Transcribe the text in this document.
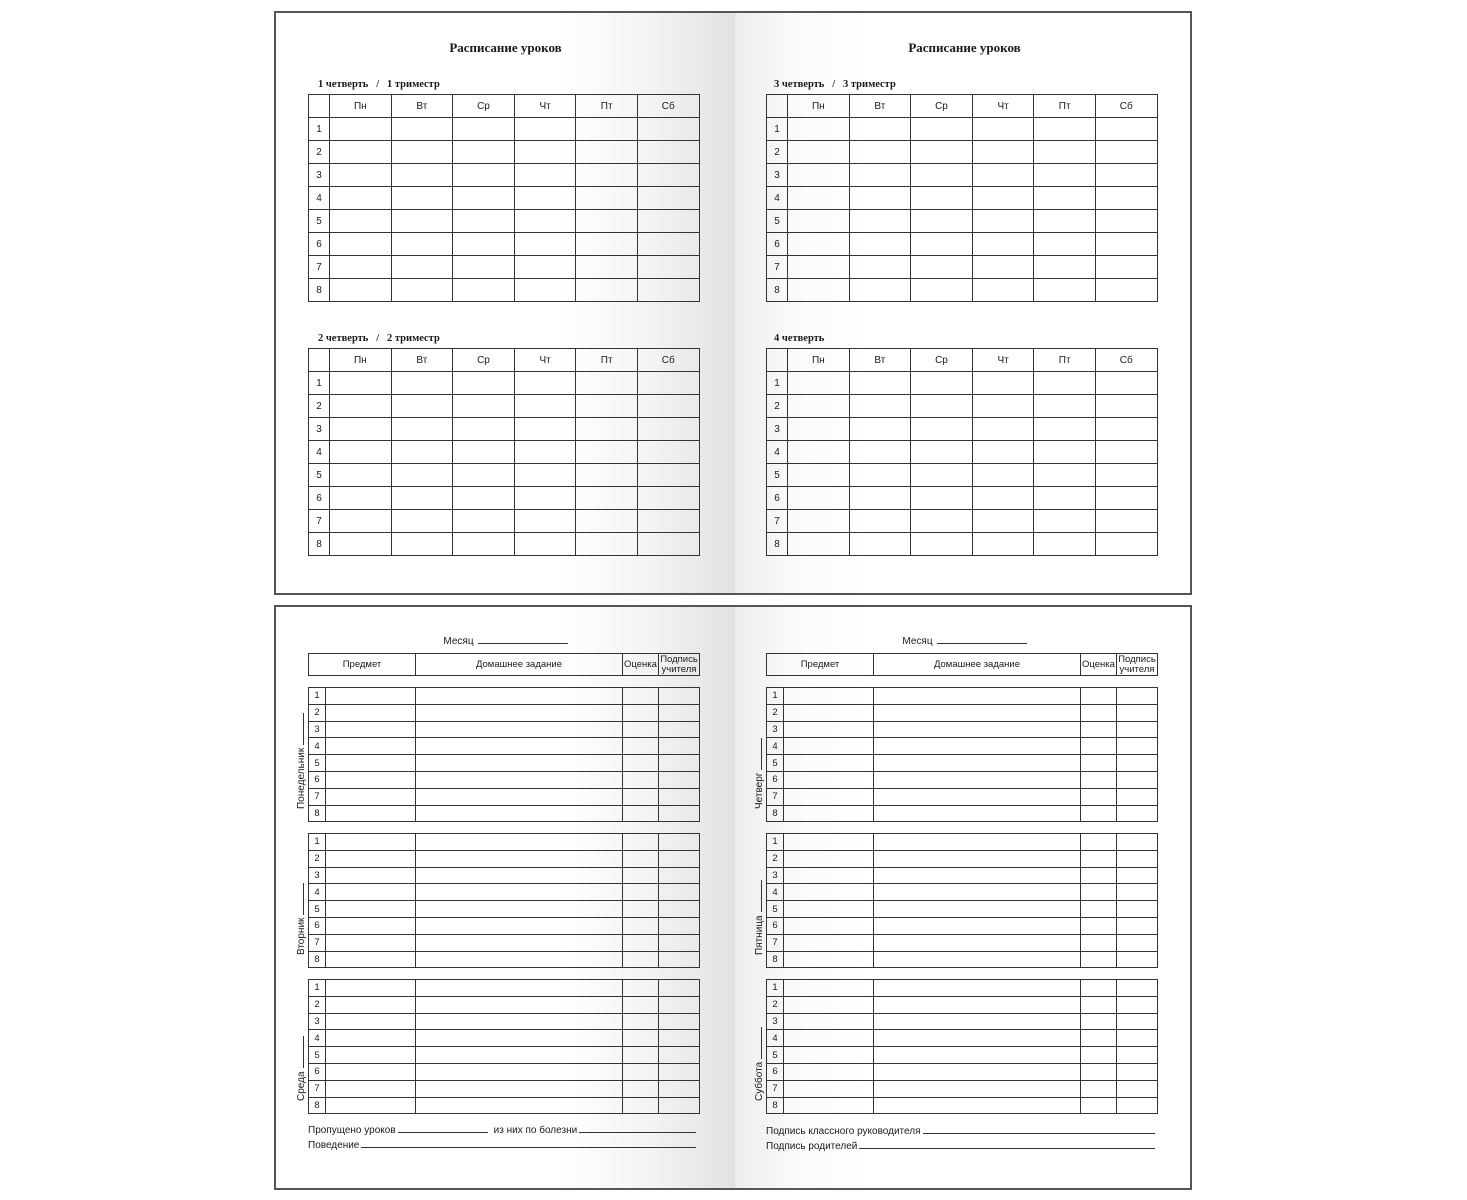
Расписание уроков
1 четверть   /   1 триместр
	Пн	Вт	Ср	Чт	Пт	Сб
1						
2						
3						
4						
5						
6						
7						
8						
2 четверть   /   2 триместр
	Пн	Вт	Ср	Чт	Пт	Сб
1						
2						
3						
4						
5						
6						
7						
8						
Расписание уроков
3 четверть   /   3 триместр
	Пн	Вт	Ср	Чт	Пт	Сб
1						
2						
3						
4						
5						
6						
7						
8						
4 четверть
	Пн	Вт	Ср	Чт	Пт	Сб
1						
2						
3						
4						
5						
6						
7						
8						
Месяц
Предмет	Домашнее задание	Оценка	Подпись учителя
1				
2				
3				
4				
5				
6				
7				
8				
Понедельник
1				
2				
3				
4				
5				
6				
7				
8				
Вторник
1				
2				
3				
4				
5				
6				
7				
8				
Среда
Пропущено уроков	из них по болезни
Поведение
Месяц
Предмет	Домашнее задание	Оценка	Подпись учителя
1				
2				
3				
4				
5				
6				
7				
8				
Четверг
1				
2				
3				
4				
5				
6				
7				
8				
Пятница
1				
2				
3				
4				
5				
6				
7				
8				
Суббота
Подпись классного руководителя
Подпись родителей
